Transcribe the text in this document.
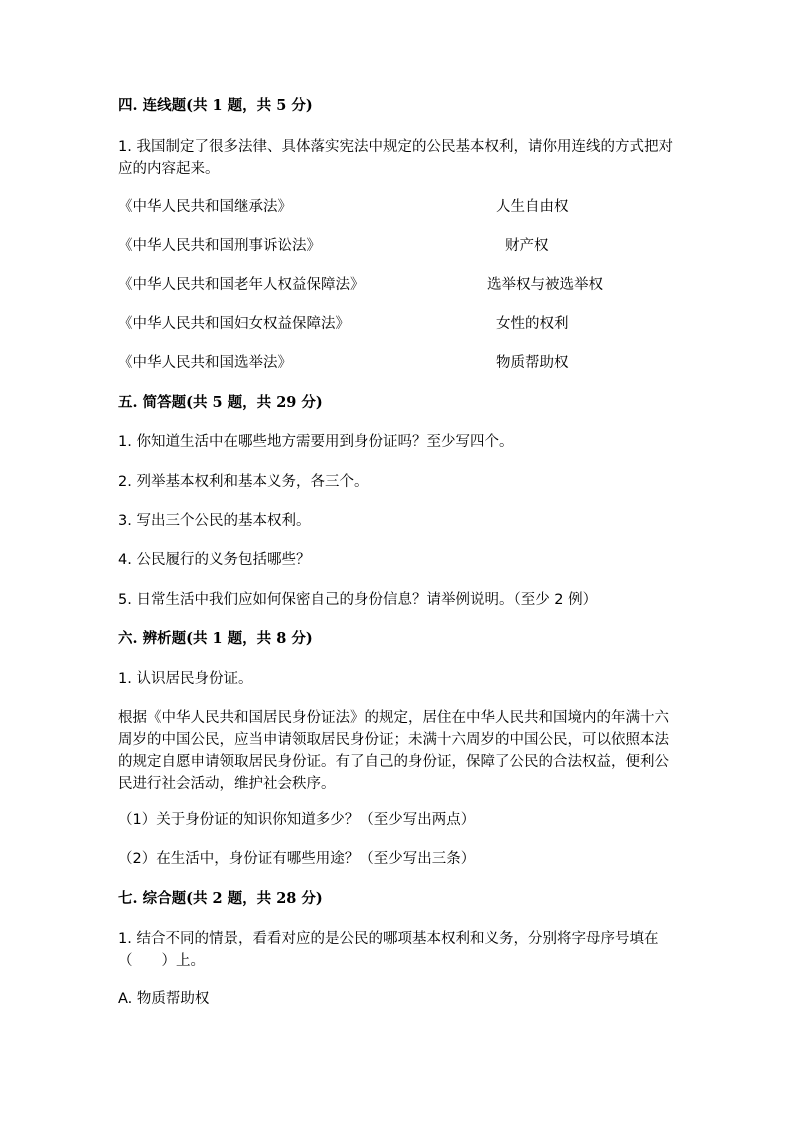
四. 连线题(共 1 题，共 5 分)
1. 我国制定了很多法律、具体落实宪法中规定的公民基本权利，请你用连线的方式把对应的内容起来。
《中华人民共和国继承法》
《中华人民共和国刑事诉讼法》
《中华人民共和国老年人权益保障法》
《中华人民共和国妇女权益保障法》
《中华人民共和国选举法》
人生自由权
财产权
选举权与被选举权
女性的权利
物质帮助权
五. 简答题(共 5 题，共 29 分)
1. 你知道生活中在哪些地方需要用到身份证吗？至少写四个。
2. 列举基本权利和基本义务，各三个。
3. 写出三个公民的基本权利。
4. 公民履行的义务包括哪些？
5. 日常生活中我们应如何保密自己的身份信息？请举例说明。（至少 2 例）
六. 辨析题(共 1 题，共 8 分)
1. 认识居民身份证。
根据《中华人民共和国居民身份证法》的规定，居住在中华人民共和国境内的年满十六周岁的中国公民，应当申请领取居民身份证；未满十六周岁的中国公民，可以依照本法的规定自愿申请领取居民身份证。有了自己的身份证，保障了公民的合法权益，便利公民进行社会活动，维护社会秩序。
（1）关于身份证的知识你知道多少？（至少写出两点）
（2）在生活中，身份证有哪些用途？（至少写出三条）
七. 综合题(共 2 题，共 28 分)
1. 结合不同的情景，看看对应的是公民的哪项基本权利和义务，分别将字母序号填在（　　）上。
A. 物质帮助权
